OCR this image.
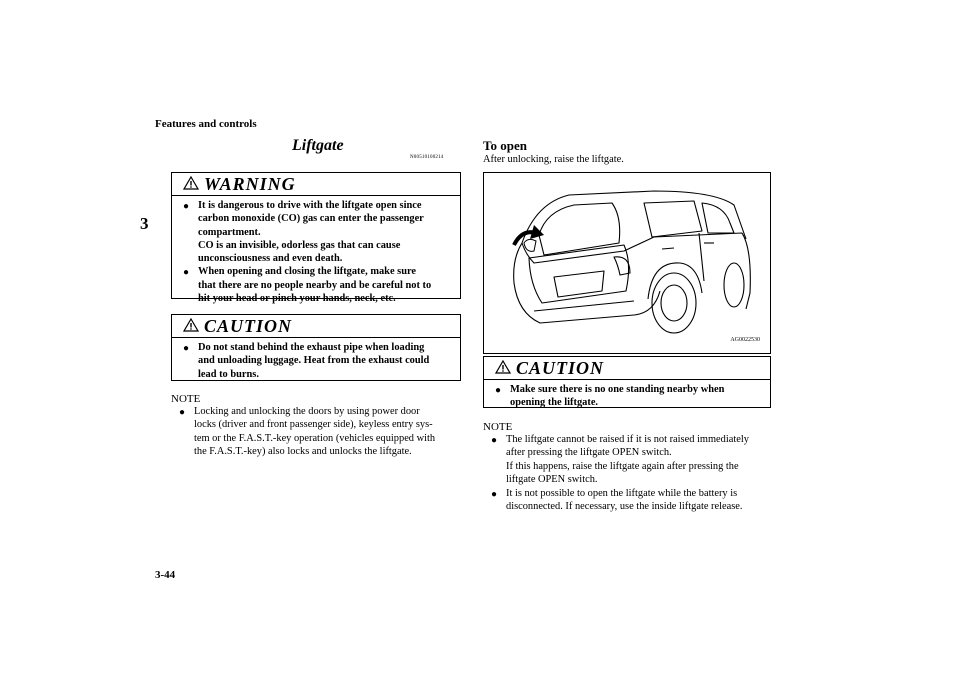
Features and controls
3
3-44
Liftgate
N00510100214
WARNING
● It is dangerous to drive with the liftgate open since
carbon monoxide (CO) gas can enter the passenger
compartment.
CO is an invisible, odorless gas that can cause
unconsciousness and even death.
● When opening and closing the liftgate, make sure
that there are no people nearby and be careful not to
hit your head or pinch your hands, neck, etc.
CAUTION
● Do not stand behind the exhaust pipe when loading
and unloading luggage. Heat from the exhaust could
lead to burns.
NOTE
● Locking and unlocking the doors by using power door
locks (driver and front passenger side), keyless entry sys-
tem or the F.A.S.T.-key operation (vehicles equipped with
the F.A.S.T.-key) also locks and unlocks the liftgate.
To open
After unlocking, raise the liftgate.
AG0022530
CAUTION
● Make sure there is no one standing nearby when
opening the liftgate.
NOTE
● The liftgate cannot be raised if it is not raised immediately
after pressing the liftgate OPEN switch.
If this happens, raise the liftgate again after pressing the
liftgate OPEN switch.
● It is not possible to open the liftgate while the battery is
disconnected. If necessary, use the inside liftgate release.
